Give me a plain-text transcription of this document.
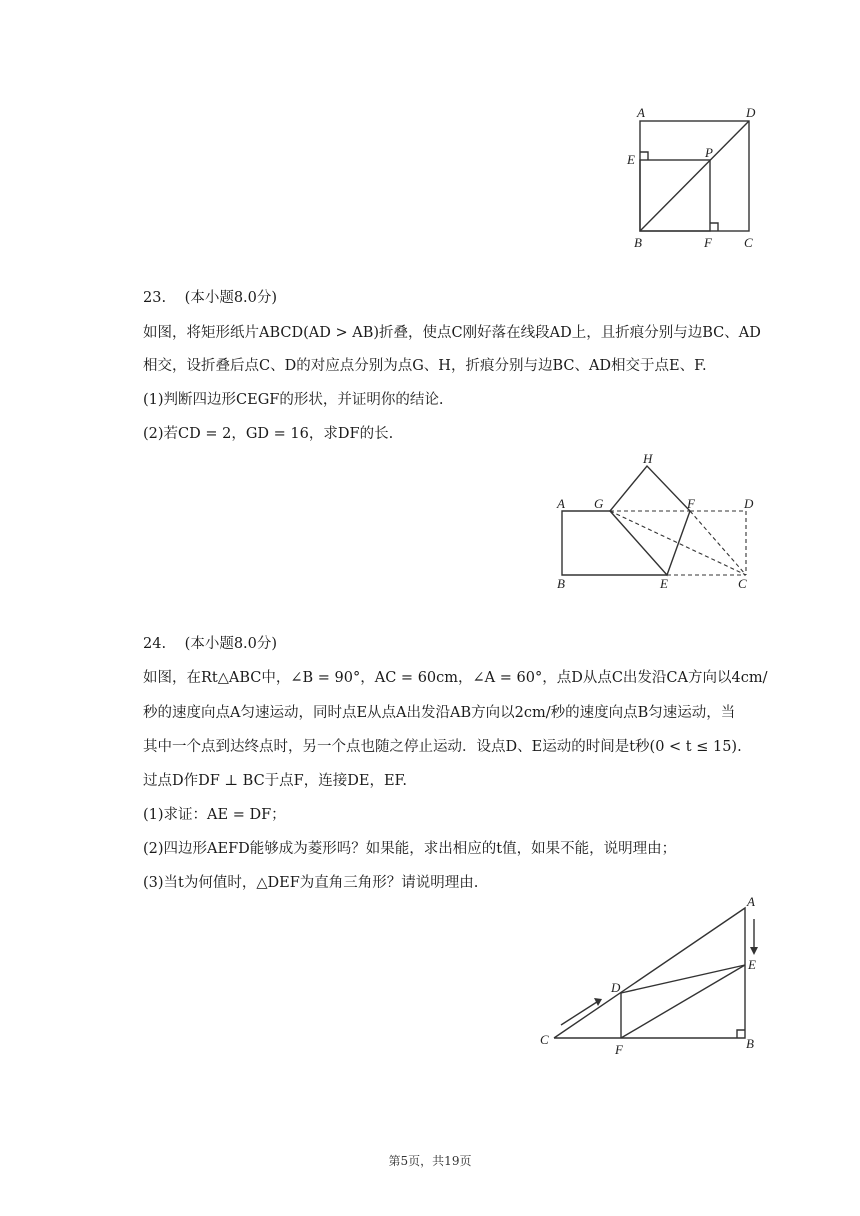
A	D
E	P
B	F C
23. (本小题8.0分)
如图，将矩形纸片ABCD(AD > AB)折叠，使点C刚好落在线段AD上，且折痕分别与边BC、AD
相交，设折叠后点C、D的对应点分别为点G、H，折痕分别与边BC、AD相交于点E、F.
(1)判断四边形CEGF的形状，并证明你的结论.
(2)若CD = 2，GD = 16，求DF的长.
H
A G	F	D
B	E	C
24. (本小题8.0分)
如图，在Rt△ABC中，∠B = 90°，AC = 60cm，∠A = 60°，点D从点C出发沿CA方向以4cm/
秒的速度向点A匀速运动，同时点E从点A出发沿AB方向以2cm/秒的速度向点B匀速运动，当
其中一个点到达终点时，另一个点也随之停止运动．设点D、E运动的时间是t秒(0 < t ≤ 15).
过点D作DF ⊥ BC于点F，连接DE，EF.
(1)求证：AE = DF；
(2)四边形AEFD能够成为菱形吗？如果能，求出相应的t值，如果不能，说明理由；
(3)当t为何值时，△DEF为直角三角形？请说明理由.
A
E
D
C
F	B
第5页，共19页
